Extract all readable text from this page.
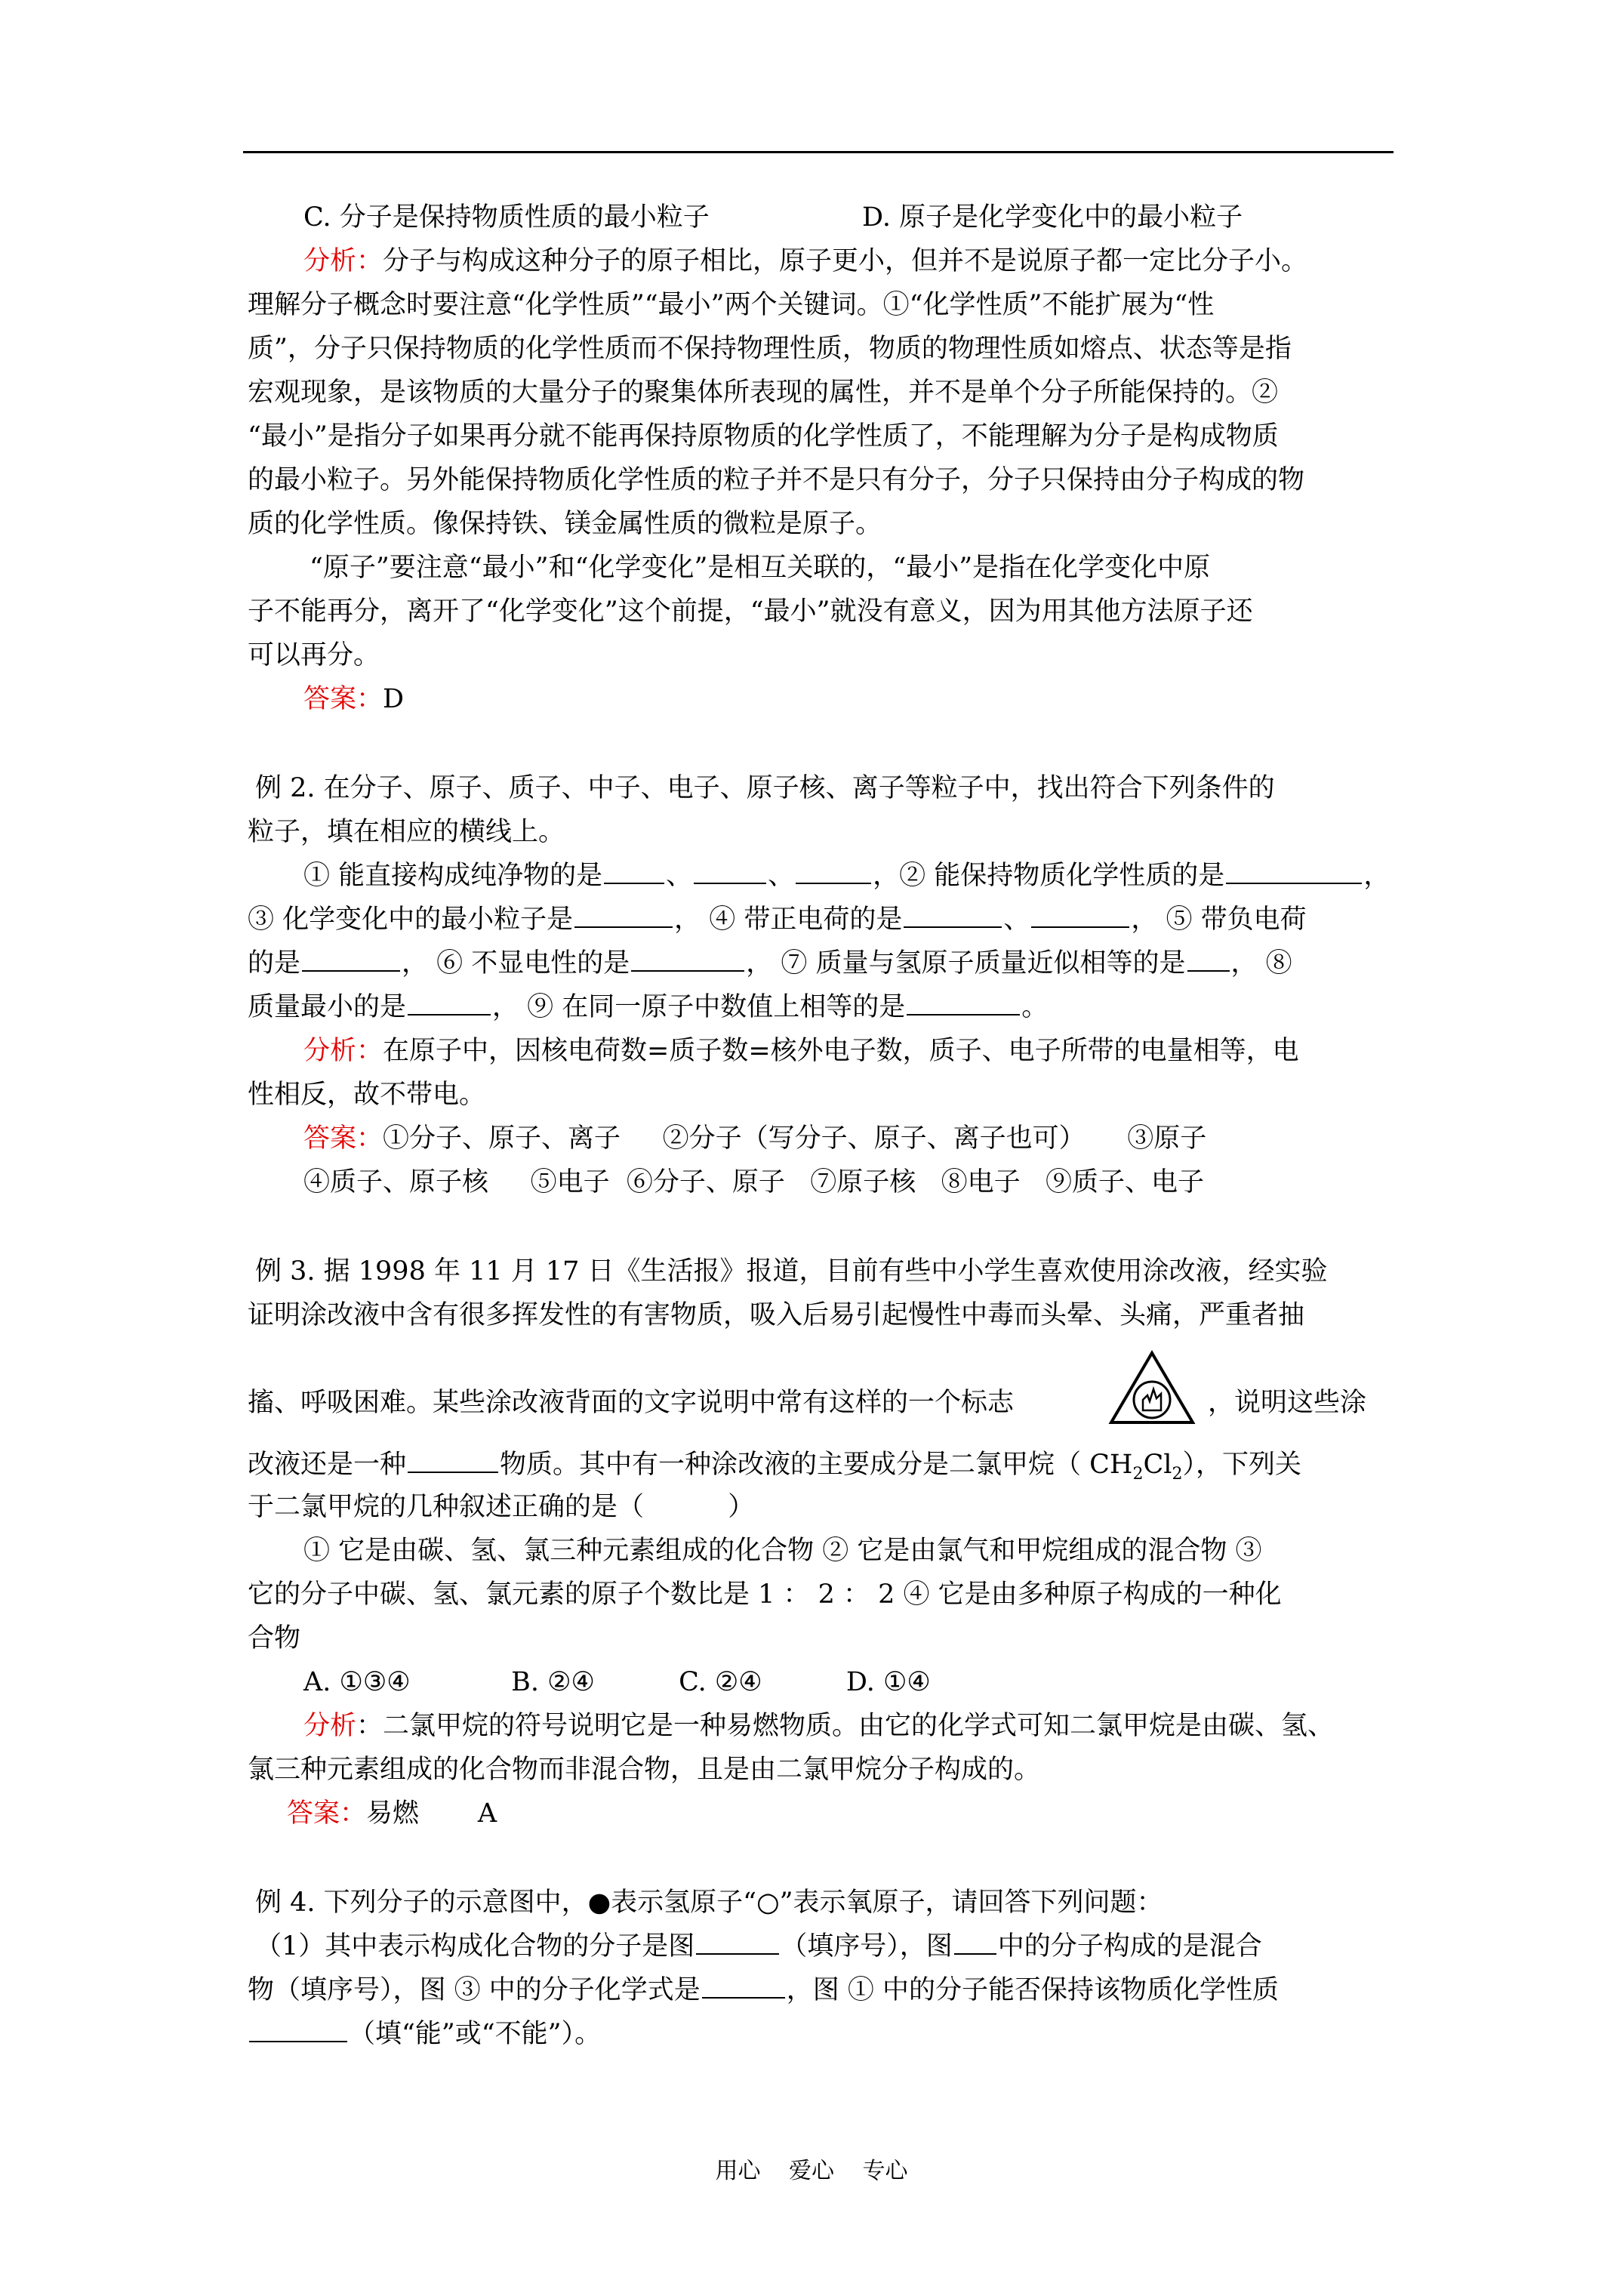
C. 分子是保持物质性质的最小粒子	D. 原子是化学变化中的最小粒子
分析：分子与构成这种分子的原子相比，原子更小，但并不是说原子都一定比分子小。
理解分子概念时要注意“化学性质”“最小”两个关键词。①“化学性质”不能扩展为“性
质”，分子只保持物质的化学性质而不保持物理性质，物质的物理性质如熔点、状态等是指
宏观现象，是该物质的大量分子的聚集体所表现的属性，并不是单个分子所能保持的。②
“最小”是指分子如果再分就不能再保持原物质的化学性质了，不能理解为分子是构成物质
的最小粒子。另外能保持物质化学性质的粒子并不是只有分子，分子只保持由分子构成的物
质的化学性质。像保持铁、镁金属性质的微粒是原子。
“原子”要注意“最小”和“化学变化”是相互关联的，“最小”是指在化学变化中原
子不能再分，离开了“化学变化”这个前提，“最小”就没有意义，因为用其他方法原子还
可以再分。
答案：D
例 2. 在分子、原子、质子、中子、电子、原子核、离子等粒子中，找出符合下列条件的
粒子，填在相应的横线上。
① 能直接构成纯净物的是 、	、	，② 能保持物质化学性质的是	，
③ 化学变化中的最小粒子是	， ④ 带正电荷的是	、	， ⑤ 带负电荷
的是	， ⑥ 不显电性的是	， ⑦ 质量与氢原子质量近似相等的是 ， ⑧
质量最小的是	， ⑨ 在同一原子中数值上相等的是	。
分析：在原子中，因核电荷数=质子数=核外电子数，质子、电子所带的电量相等，电
性相反，故不带电。
答案：①分子、原子、离子     ②分子（写分子、原子、离子也可）     ③原子
④质子、原子核     ⑤电子  ⑥分子、原子   ⑦原子核   ⑧电子   ⑨质子、电子
例 3. 据 1998 年 11 月 17 日《生活报》报道，目前有些中小学生喜欢使用涂改液，经实验
证明涂改液中含有很多挥发性的有害物质，吸入后易引起慢性中毒而头晕、头痛，严重者抽
搐、呼吸困难。某些涂改液背面的文字说明中常有这样的一个标志	，说明这些涂
改液还是一种	物质。其中有一种涂改液的主要成分是二氯甲烷（ $CH_2Cl_2$），下列关
于二氯甲烷的几种叙述正确的是（          ）
① 它是由碳、氢、氯三种元素组成的化合物 ② 它是由氯气和甲烷组成的混合物 ③
它的分子中碳、氢、氯元素的原子个数比是 1 ： 2 ： 2 ④ 它是由多种原子构成的一种化
合物
A. ①③④            B. ②④          C. ②④          D. ①④
分析：二氯甲烷的符号说明它是一种易燃物质。由它的化学式可知二氯甲烷是由碳、氢、
氯三种元素组成的化合物而非混合物，且是由二氯甲烷分子构成的。
答案：易燃       A
例 4. 下列分子的示意图中，●表示氢原子“○”表示氧原子，请回答下列问题：
（1）其中表示构成化合物的分子是图	（填序号），图 中的分子构成的是混合
物（填序号），图 ③ 中的分子化学式是	，图 ① 中的分子能否保持该物质化学性质
（填“能”或“不能”）。
用心 爱心 专心
